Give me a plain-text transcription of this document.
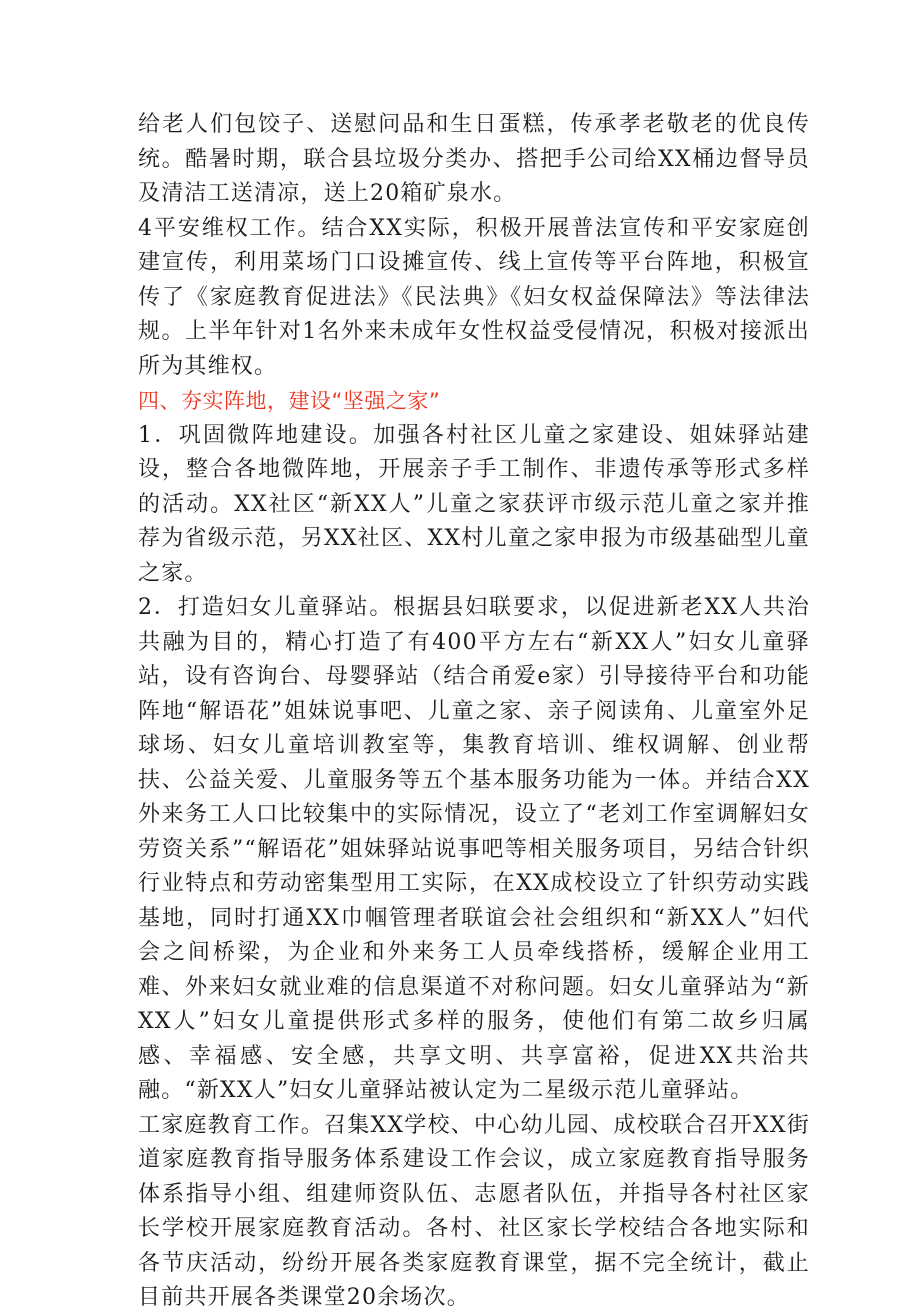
给老人们包饺子、送慰问品和生日蛋糕，传承孝老敬老的优良传统。酷暑时期，联合县垃圾分类办、搭把手公司给XX桶边督导员及清洁工送清凉，送上20箱矿泉水。

4平安维权工作。结合XX实际，积极开展普法宣传和平安家庭创建宣传，利用菜场门口设摊宣传、线上宣传等平台阵地，积极宣传了《家庭教育促进法》《民法典》《妇女权益保障法》等法律法规。上半年针对1名外来未成年女性权益受侵情况，积极对接派出所为其维权。

四、夯实阵地，建设“坚强之家”

1．巩固微阵地建设。加强各村社区儿童之家建设、姐妹驿站建设，整合各地微阵地，开展亲子手工制作、非遗传承等形式多样的活动。XX社区“新XX人”儿童之家获评市级示范儿童之家并推荐为省级示范，另XX社区、XX村儿童之家申报为市级基础型儿童之家。

2．打造妇女儿童驿站。根据县妇联要求，以促进新老XX人共治共融为目的，精心打造了有400平方左右“新XX人”妇女儿童驿站，设有咨询台、母婴驿站（结合甬爱e家）引导接待平台和功能阵地“解语花”姐妹说事吧、儿童之家、亲子阅读角、儿童室外足球场、妇女儿童培训教室等，集教育培训、维权调解、创业帮扶、公益关爱、儿童服务等五个基本服务功能为一体。并结合XX外来务工人口比较集中的实际情况，设立了“老刘工作室调解妇女劳资关系”“解语花”姐妹驿站说事吧等相关服务项目，另结合针织行业特点和劳动密集型用工实际，在XX成校设立了针织劳动实践基地，同时打通XX巾帼管理者联谊会社会组织和“新XX人”妇代会之间桥梁，为企业和外来务工人员牵线搭桥，缓解企业用工难、外来妇女就业难的信息渠道不对称问题。妇女儿童驿站为“新XX人”妇女儿童提供形式多样的服务，使他们有第二故乡归属感、幸福感、安全感，共享文明、共享富裕，促进XX共治共融。“新XX人”妇女儿童驿站被认定为二星级示范儿童驿站。

工家庭教育工作。召集XX学校、中心幼儿园、成校联合召开XX街道家庭教育指导服务体系建设工作会议，成立家庭教育指导服务体系指导小组、组建师资队伍、志愿者队伍，并指导各村社区家长学校开展家庭教育活动。各村、社区家长学校结合各地实际和各节庆活动，纷纷开展各类家庭教育课堂，据不完全统计，截止目前共开展各类课堂20余场次。
